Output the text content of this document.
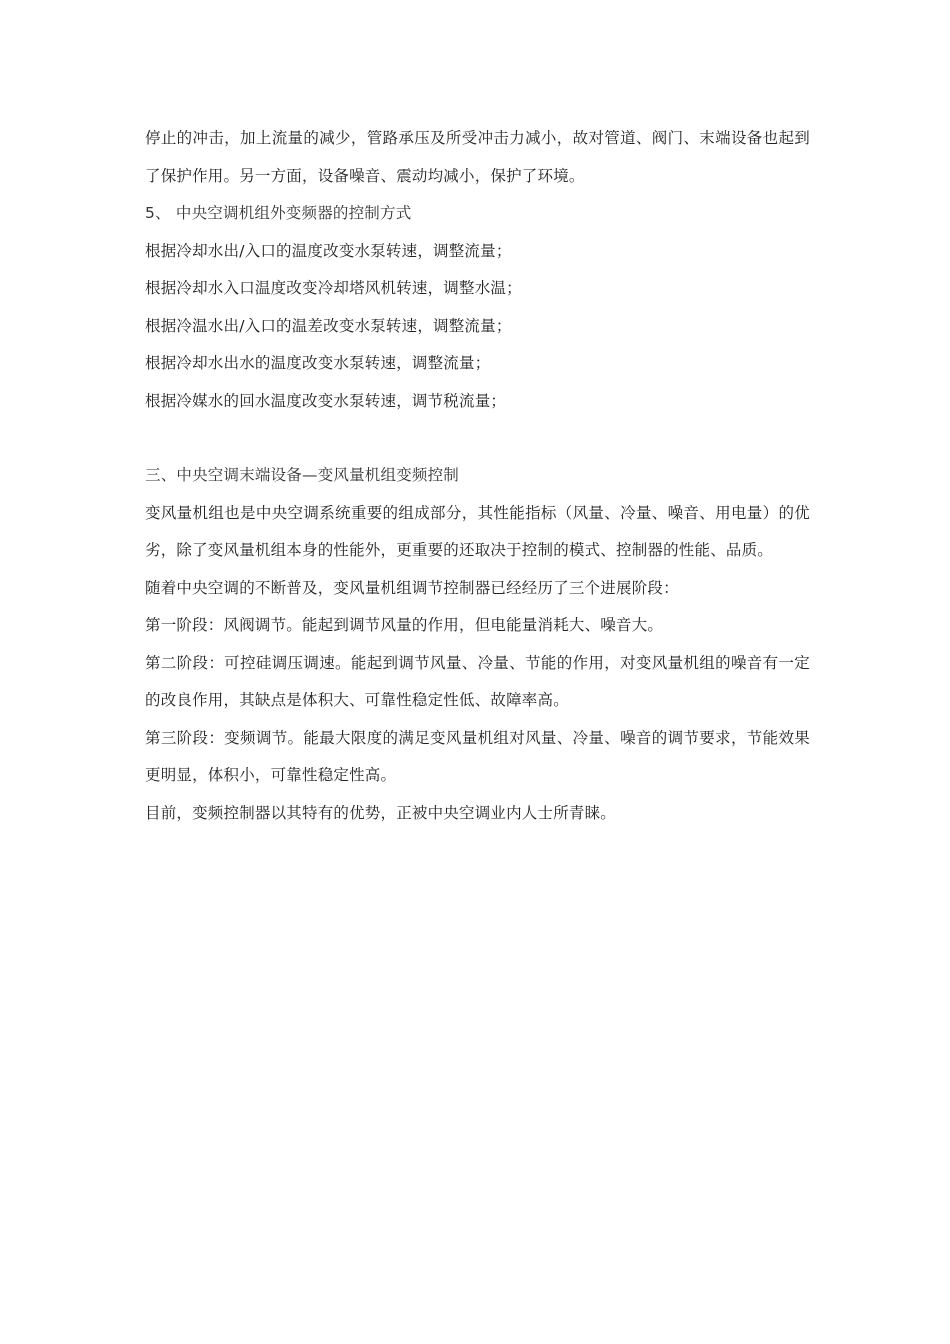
停止的冲击，加上流量的减少，管路承压及所受冲击力减小，故对管道、阀门、末端设备也起到了保护作用。另一方面，设备噪音、震动均减小，保护了环境。

5、 中央空调机组外变频器的控制方式

根据冷却水出/入口的温度改变水泵转速，调整流量；

根据冷却水入口温度改变冷却塔风机转速，调整水温；

根据冷温水出/入口的温差改变水泵转速，调整流量；

根据冷却水出水的温度改变水泵转速，调整流量；

根据冷媒水的回水温度改变水泵转速，调节税流量；

三、中央空调末端设备—变风量机组变频控制

变风量机组也是中央空调系统重要的组成部分，其性能指标（风量、冷量、噪音、用电量）的优劣，除了变风量机组本身的性能外，更重要的还取决于控制的模式、控制器的性能、品质。

随着中央空调的不断普及，变风量机组调节控制器已经经历了三个进展阶段：

第一阶段：风阀调节。能起到调节风量的作用，但电能量消耗大、噪音大。

第二阶段：可控硅调压调速。能起到调节风量、冷量、节能的作用，对变风量机组的噪音有一定的改良作用，其缺点是体积大、可靠性稳定性低、故障率高。

第三阶段：变频调节。能最大限度的满足变风量机组对风量、冷量、噪音的调节要求，节能效果更明显，体积小，可靠性稳定性高。

目前，变频控制器以其特有的优势，正被中央空调业内人士所青睐。
